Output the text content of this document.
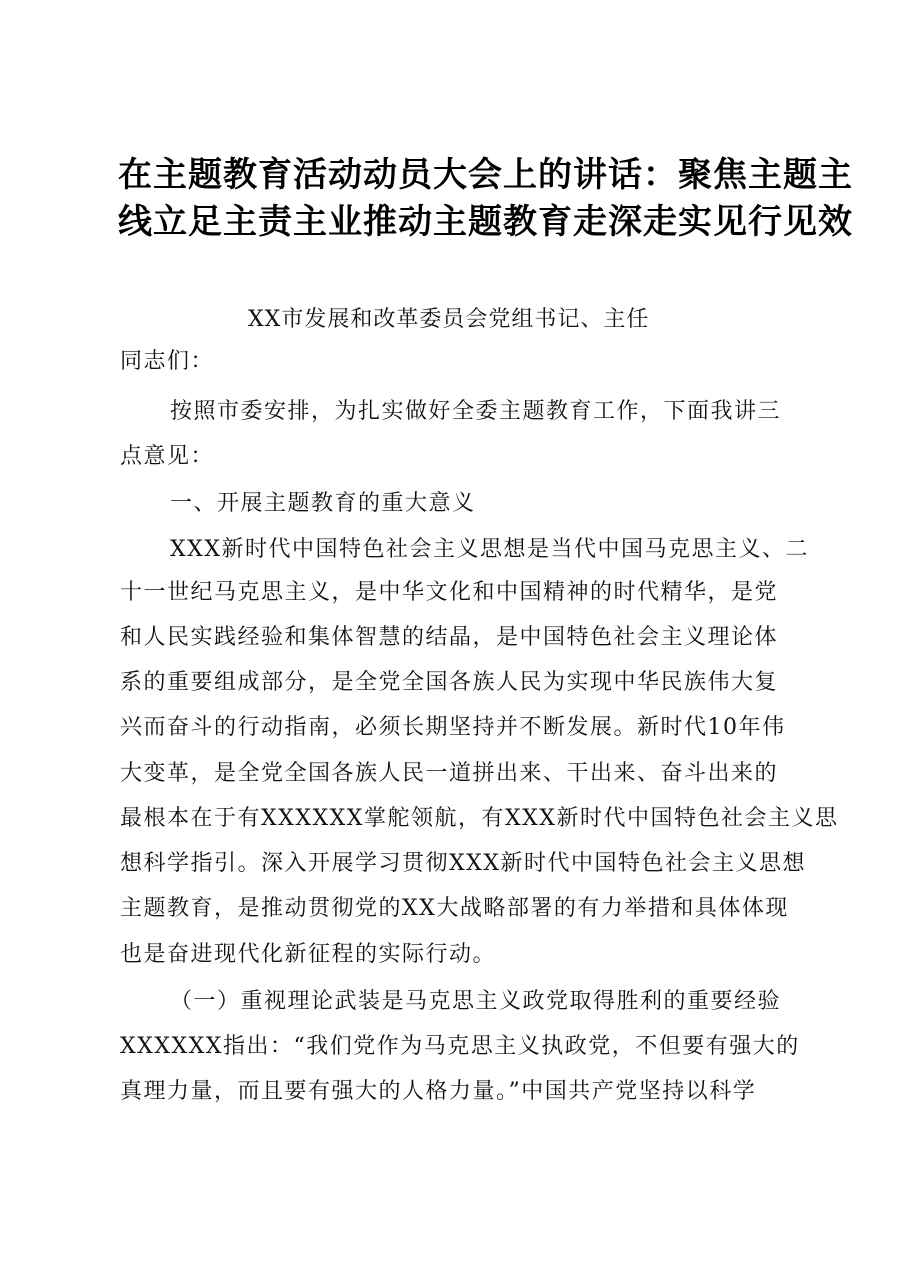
在主题教育活动动员大会上的讲话：聚焦主题主
线立足主责主业推动主题教育走深走实见行见效
XX市发展和改革委员会党组书记、主任
同志们：
按照市委安排，为扎实做好全委主题教育工作，下面我讲三
点意见：
一、开展主题教育的重大意义
XXX新时代中国特色社会主义思想是当代中国马克思主义、二
十一世纪马克思主义，是中华文化和中国精神的时代精华，是党
和人民实践经验和集体智慧的结晶，是中国特色社会主义理论体
系的重要组成部分，是全党全国各族人民为实现中华民族伟大复
兴而奋斗的行动指南，必须长期坚持并不断发展。新时代10年伟
大变革，是全党全国各族人民一道拼出来、干出来、奋斗出来的
最根本在于有XXXXXX掌舵领航，有XXX新时代中国特色社会主义思
想科学指引。深入开展学习贯彻XXX新时代中国特色社会主义思想
主题教育，是推动贯彻党的XX大战略部署的有力举措和具体体现
也是奋进现代化新征程的实际行动。
（一）重视理论武装是马克思主义政党取得胜利的重要经验
XXXXXX指出：“我们党作为马克思主义执政党，不但要有强大的
真理力量，而且要有强大的人格力量。”中国共产党坚持以科学
